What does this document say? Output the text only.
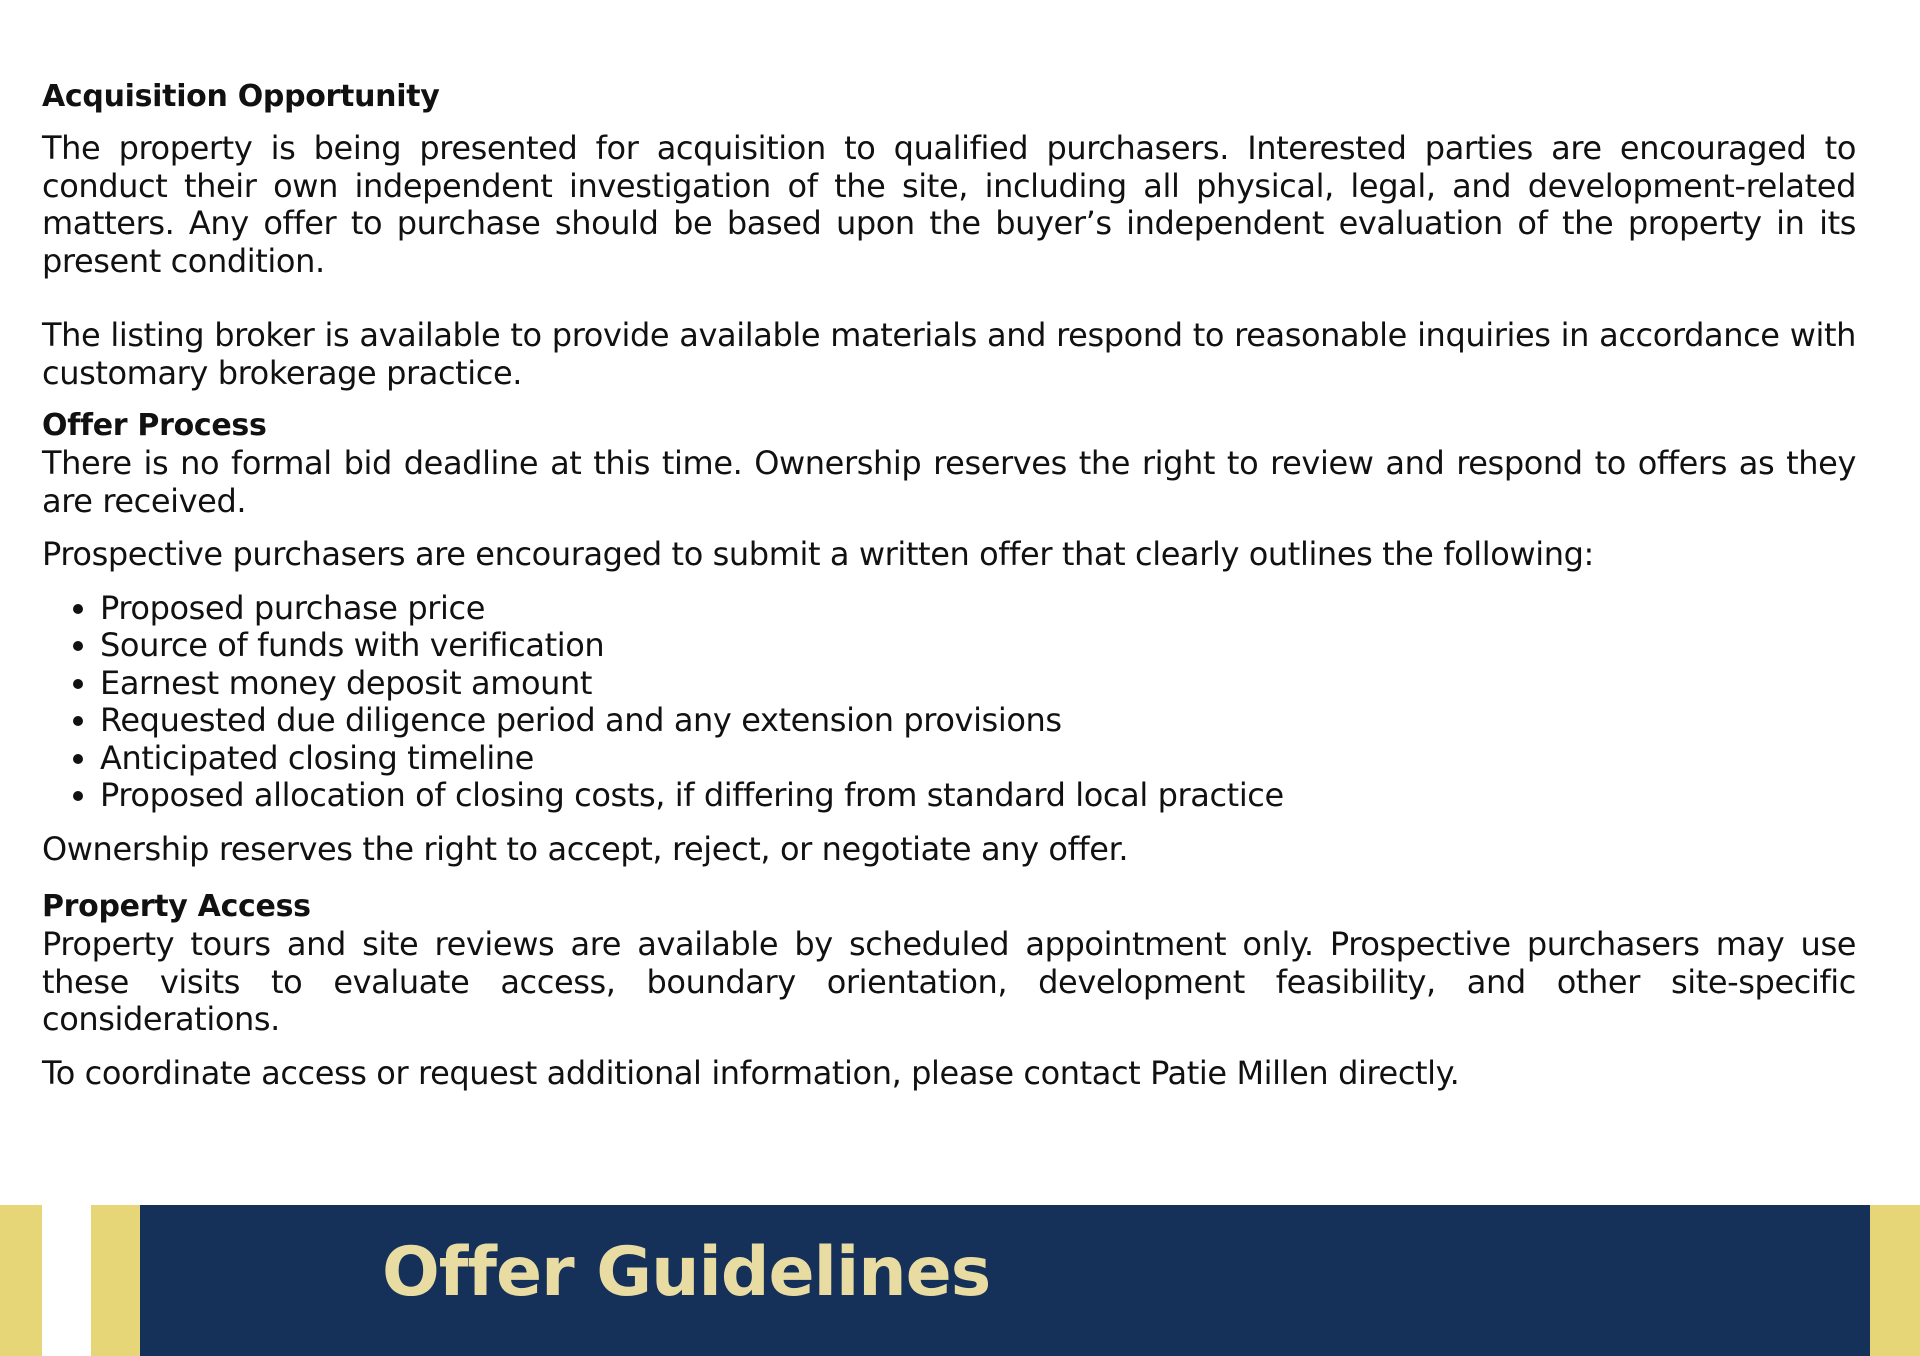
Acquisition Opportunity

The property is being presented for acquisition to qualified purchasers. Interested parties are encouraged to conduct their own independent investigation of the site, including all physical, legal, and development-related matters. Any offer to purchase should be based upon the buyer’s independent evaluation of the property in its present condition.

The listing broker is available to provide available materials and respond to reasonable inquiries in accordance with customary brokerage practice.

Offer Process

There is no formal bid deadline at this time. Ownership reserves the right to review and respond to offers as they are received.

Prospective purchasers are encouraged to submit a written offer that clearly outlines the following:

• Proposed purchase price
• Source of funds with verification
• Earnest money deposit amount
• Requested due diligence period and any extension provisions
• Anticipated closing timeline
• Proposed allocation of closing costs, if differing from standard local practice

Ownership reserves the right to accept, reject, or negotiate any offer.

Property Access

Property tours and site reviews are available by scheduled appointment only. Prospective purchasers may use these visits to evaluate access, boundary orientation, development feasibility, and other site-specific considerations.

To coordinate access or request additional information, please contact Patie Millen directly.

Offer Guidelines
